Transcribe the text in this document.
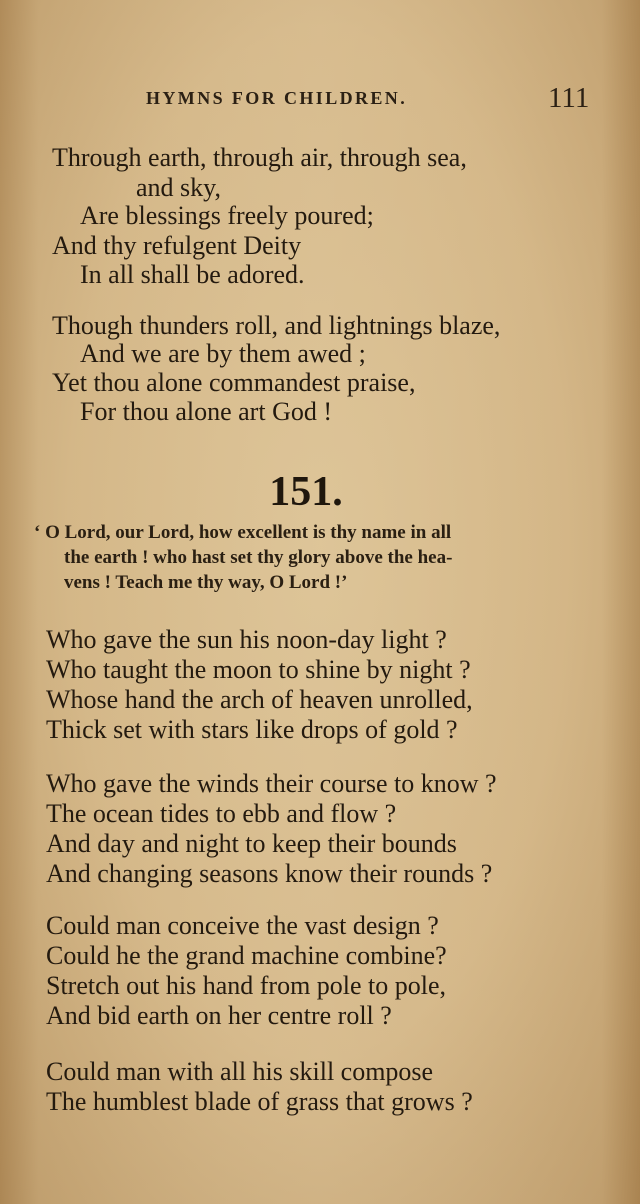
HYMNS FOR CHILDREN.	111
Through earth, through air, through sea,
and sky,
Are blessings freely poured;
And thy refulgent Deity
In all shall be adored.
Though thunders roll, and lightnings blaze,
And we are by them awed ;
Yet thou alone commandest praise,
For thou alone art God !
151.
‘ O Lord, our Lord, how excellent is thy name in all
the earth ! who hast set thy glory above the hea-
vens ! Teach me thy way, O Lord !’
Who gave the sun his noon-day light ?
Who taught the moon to shine by night ?
Whose hand the arch of heaven unrolled,
Thick set with stars like drops of gold ?
Who gave the winds their course to know ?
The ocean tides to ebb and flow ?
And day and night to keep their bounds
And changing seasons know their rounds ?
Could man conceive the vast design ?
Could he the grand machine combine?
Stretch out his hand from pole to pole,
And bid earth on her centre roll ?
Could man with all his skill compose
The humblest blade of grass that grows ?
